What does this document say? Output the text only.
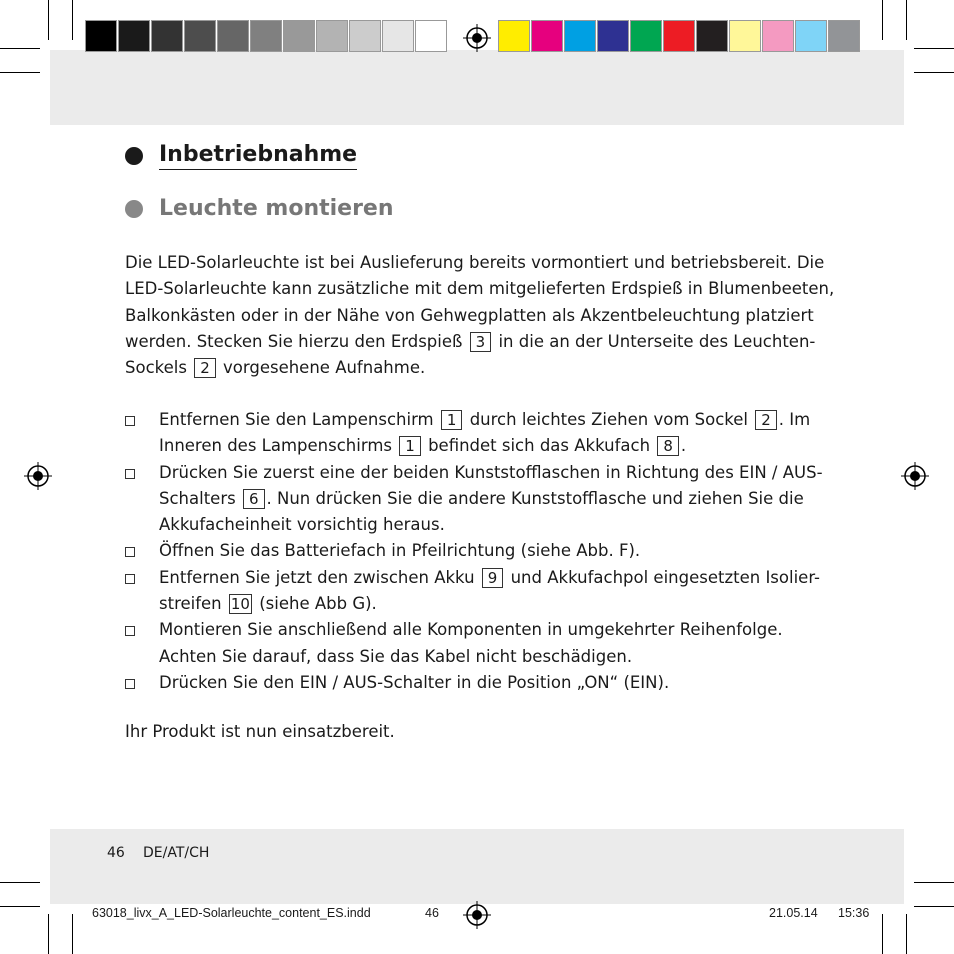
Inbetriebnahme
Leuchte montieren
Die LED-Solarleuchte ist bei Auslieferung bereits vormontiert und betriebsbereit. Die
LED-Solarleuchte kann zusätzliche mit dem mitgelieferten Erdspieß in Blumenbeeten,
Balkonkästen oder in der Nähe von Gehwegplatten als Akzentbeleuchtung platziert
werden. Stecken Sie hierzu den Erdspieß 3 in die an der Unterseite des Leuchten-
Sockels 2 vorgesehene Aufnahme.
Entfernen Sie den Lampenschirm 1 durch leichtes Ziehen vom Sockel 2 . Im
Inneren des Lampenschirms 1 befindet sich das Akkufach 8 .
Drücken Sie zuerst eine der beiden Kunststofflaschen in Richtung des EIN / AUS-
Schalters 6 . Nun drücken Sie die andere Kunststofflasche und ziehen Sie die
Akkufacheinheit vorsichtig heraus.
Öffnen Sie das Batteriefach in Pfeilrichtung (siehe Abb. F).
Entfernen Sie jetzt den zwischen Akku 9 und Akkufachpol eingesetzten Isolier-
streifen 10 (siehe Abb G).
Montieren Sie anschließend alle Komponenten in umgekehrter Reihenfolge.
Achten Sie darauf, dass Sie das Kabel nicht beschädigen.
Drücken Sie den EIN / AUS-Schalter in die Position „ON“ (EIN).
Ihr Produkt ist nun einsatzbereit.
46 DE/AT/CH
63018_livx_A_LED-Solarleuchte_content_ES.indd	46	21.05.14 15:36
